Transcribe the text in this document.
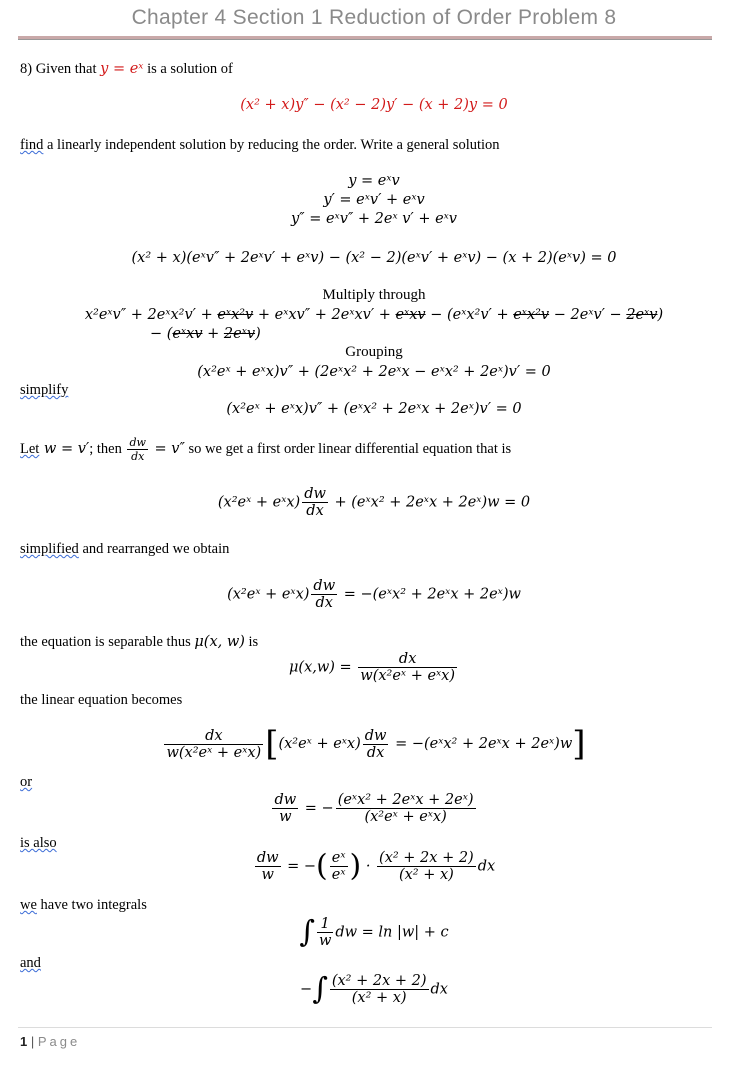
Chapter 4 Section 1 Reduction of Order Problem 8
8) Given that y = eˣ is a solution of
(x² + x)y″ − (x² − 2)y′ − (x + 2)y = 0
find a linearly independent solution by reducing the order. Write a general solution
y = eˣv
y′ = eˣv′ + eˣv
y″ = eˣv″ + 2eˣ v′ + eˣv
(x² + x)(eˣv″ + 2eˣv′ + eˣv) − (x² − 2)(eˣv′ + eˣv) − (x + 2)(eˣv) = 0
Multiply through
x²eˣv″ + 2eˣx²v′ + eˣx²v + eˣxv″ + 2eˣxv′ + eˣxv − (eˣx²v′ + eˣx²v − 2eˣv′ − 2eˣv)
− (eˣxv + 2eˣv)
Grouping
(x²eˣ + eˣx)v″ + (2eˣx² + 2eˣx − eˣx² + 2eˣ)v′ = 0
simplify
(x²eˣ + eˣx)v″ + (eˣx² + 2eˣx + 2eˣ)v′ = 0
Let w = v′; then $\frac{dw}{dx} = v''$ so we get a first order linear differential equation that is
(x²eˣ + eˣx) $\frac{dw}{dx}$ + (eˣx² + 2eˣx + 2eˣ)w = 0
simplified and rearranged we obtain
(x²eˣ + eˣx) $\frac{dw}{dx}$ = −(eˣx² + 2eˣx + 2eˣ)w
the equation is separable thus μ(x, w) is
$\mu(x,w) = \frac{dx}{\text{w(x²eˣ + eˣx)}}$
the linear equation becomes
$\frac{dx}{\text{w(x²eˣ + eˣx)}}$ [(x²eˣ + eˣx) $\frac{dw}{dx}$ = −(eˣx² + 2eˣx + 2eˣ)w]
or
$\frac{dw}{w}$ = − $\frac{\text{(eˣx² + 2eˣx + 2eˣ)}}{\text{(x²eˣ + eˣx)}}$
is also
$\frac{dw}{w}$ = −( $\frac{\text{eˣ}}{\text{eˣ}}$ ) · $\frac{\text{(x² + 2x + 2)}}{\text{(x² + x)}}$ dx
we have two integrals
∫ $\frac{1}{w}$ dw = ln |w| + c
and
−∫ $\frac{\text{(x² + 2x + 2)}}{\text{(x² + x)}}$ dx
1 | Page
